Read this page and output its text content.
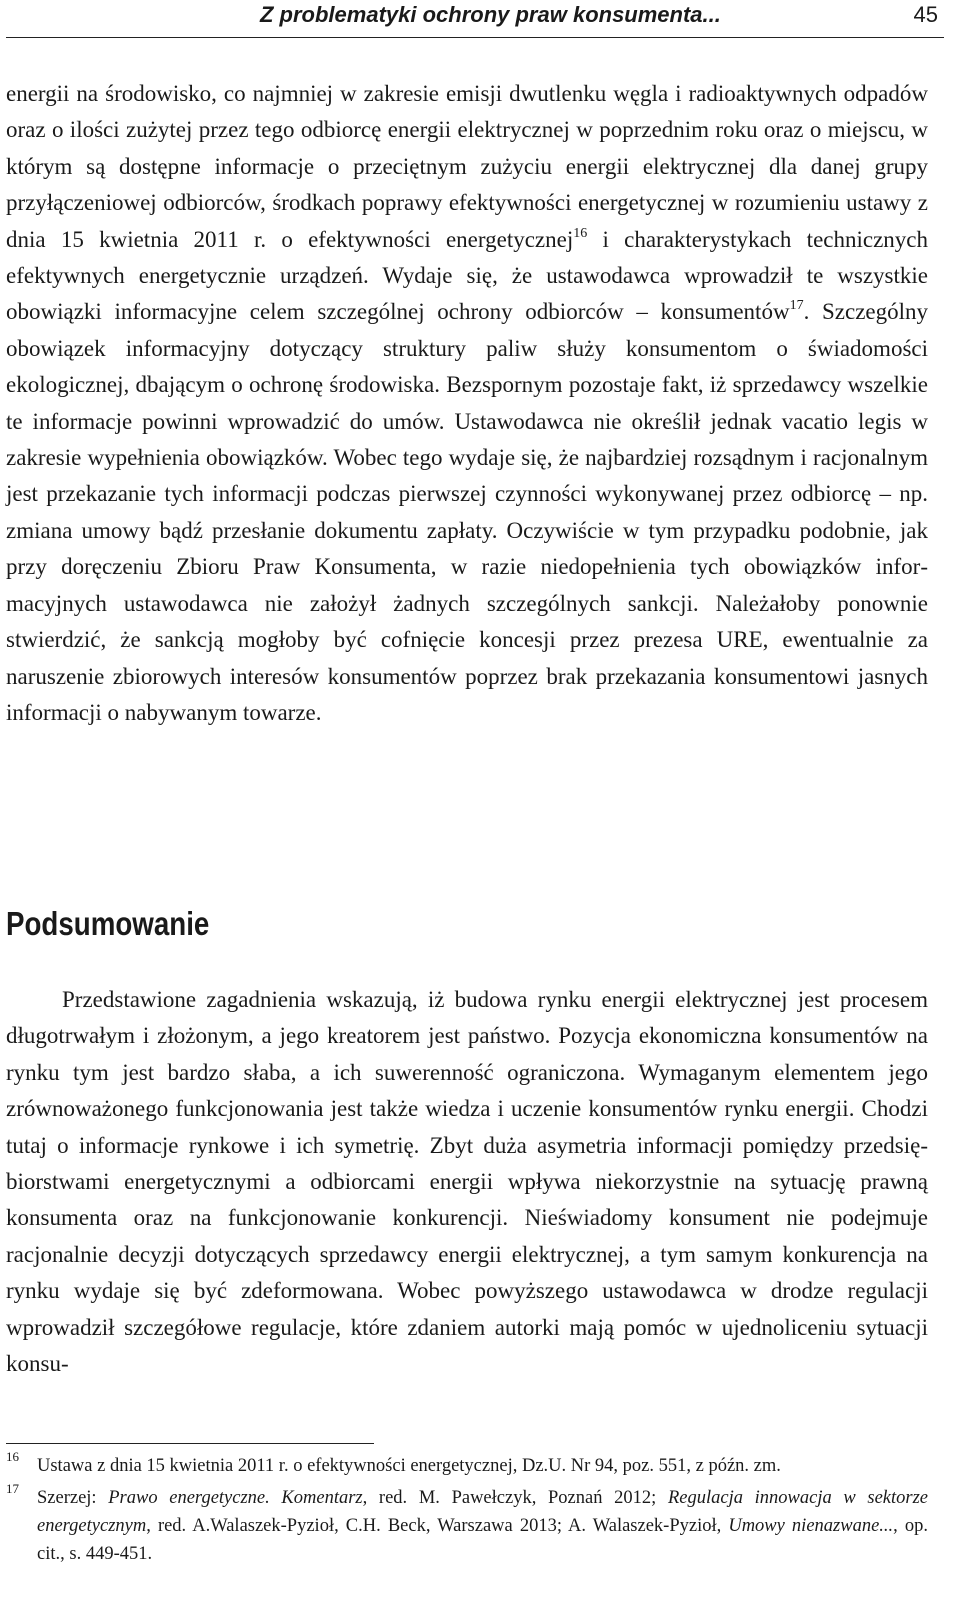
Z problematyki ochrony praw konsumenta...	45

energii na środowisko, co najmniej w zakresie emisji dwutlenku węgla i radioaktywnych odpadów oraz o ilości zużytej przez tego odbiorcę energii elektrycznej w poprzednim roku oraz o miejscu, w którym są dostępne informacje o przeciętnym zużyciu energii elektrycznej dla danej grupy przyłączeniowej odbiorców, środkach poprawy efektywności energetycznej w rozumieniu ustawy z dnia 15 kwietnia 2011 r. o efektywności energetycznej$^{16}$ i charakterystykach technicznych efektywnych energetycznie urządzeń. Wydaje się, że ustawodawca wprowadził te wszystkie obowiązki informacyjne celem szczególnej ochrony odbiorców – konsumentów$^{17}$. Szczególny obowiązek informacyjny dotyczący struktury paliw służy konsumentom o świadomości ekologicznej, dbającym o ochronę środowiska. Bezspornym pozostaje fakt, iż sprzedawcy wszelkie te informacje powinni wprowadzić do umów. Ustawodawca nie określił jednak vacatio legis w zakresie wypełnienia obowiązków. Wobec tego wydaje się, że najbardziej rozsądnym i racjonalnym jest przekazanie tych informacji podczas pierwszej czynności wykonywanej przez odbiorcę – np. zmiana umowy bądź przesłanie dokumentu zapłaty. Oczywiście w tym przypadku podobnie, jak przy doręczeniu Zbioru Praw Konsumenta, w razie niedopełnienia tych obowiązków informacyjnych ustawodawca nie założył żadnych szczególnych sankcji. Należałoby ponownie stwierdzić, że sankcją mogłoby być cofnięcie koncesji przez prezesa URE, ewentualnie za naruszenie zbiorowych interesów konsumentów poprzez brak przekazania konsumentowi jasnych informacji o nabywanym towarze.

Podsumowanie

Przedstawione zagadnienia wskazują, iż budowa rynku energii elektrycznej jest procesem długotrwałym i złożonym, a jego kreatorem jest państwo. Pozycja ekonomiczna konsumentów na rynku tym jest bardzo słaba, a ich suwerenność ograniczona. Wymaganym elementem jego zrównoważonego funkcjonowania jest także wiedza i uczenie konsumentów rynku energii. Chodzi tutaj o informacje rynkowe i ich symetrię. Zbyt duża asymetria informacji pomiędzy przedsiębiorstwami energetycznymi a odbiorcami energii wpływa niekorzystnie na sytuację prawną konsumenta oraz na funkcjonowanie konkurencji. Nieświadomy konsument nie podejmuje racjonalnie decyzji dotyczących sprzedawcy energii elektrycznej, a tym samym konkurencja na rynku wydaje się być zdeformowana. Wobec powyższego ustawodawca w drodze regulacji wprowadził szczegółowe regulacje, które zdaniem autorki mają pomóc w ujednoliceniu sytuacji konsu-

16 Ustawa z dnia 15 kwietnia 2011 r. o efektywności energetycznej, Dz.U. Nr 94, poz. 551, z późn. zm.
17 Szerzej: Prawo energetyczne. Komentarz, red. M. Pawełczyk, Poznań 2012; Regulacja innowacja w sektorze energetycznym, red. A.Walaszek-Pyzioł, C.H. Beck, Warszawa 2013; A. Walaszek-Pyzioł, Umowy nienazwane..., op. cit., s. 449-451.
